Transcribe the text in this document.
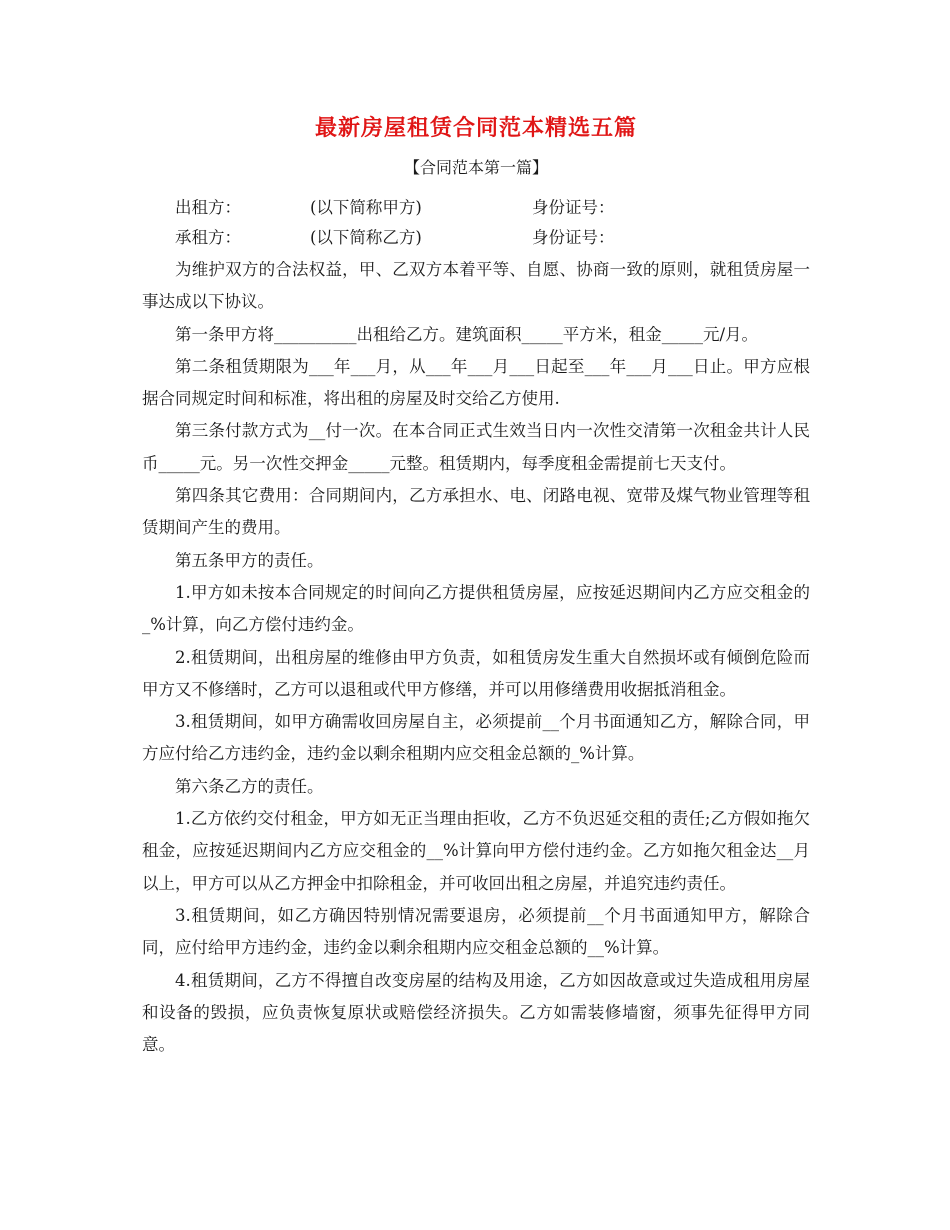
最新房屋租赁合同范本精选五篇
【合同范本第一篇】
出租方：	(以下简称甲方)	身份证号：
承租方：	(以下简称乙方)	身份证号：

为维护双方的合法权益，甲、乙双方本着平等、自愿、协商一致的原则，就租赁房屋一事达成以下协议。

第一条甲方将__________出租给乙方。建筑面积_____平方米，租金_____元/月。

第二条租赁期限为___年___月，从___年___月___日起至___年___月___日止。甲方应根据合同规定时间和标准，将出租的房屋及时交给乙方使用.

第三条付款方式为__付一次。在本合同正式生效当日内一次性交清第一次租金共计人民币_____元。另一次性交押金_____元整。租赁期内，每季度租金需提前七天支付。

第四条其它费用：合同期间内，乙方承担水、电、闭路电视、宽带及煤气物业管理等租赁期间产生的费用。

第五条甲方的责任。

1.甲方如未按本合同规定的时间向乙方提供租赁房屋，应按延迟期间内乙方应交租金的_%计算，向乙方偿付违约金。

2.租赁期间，出租房屋的维修由甲方负责，如租赁房发生重大自然损坏或有倾倒危险而甲方又不修缮时，乙方可以退租或代甲方修缮，并可以用修缮费用收据抵消租金。

3.租赁期间，如甲方确需收回房屋自主，必须提前__个月书面通知乙方，解除合同，甲方应付给乙方违约金，违约金以剩余租期内应交租金总额的_%计算。

第六条乙方的责任。

1.乙方依约交付租金，甲方如无正当理由拒收，乙方不负迟延交租的责任;乙方假如拖欠租金，应按延迟期间内乙方应交租金的__%计算向甲方偿付违约金。乙方如拖欠租金达__月以上，甲方可以从乙方押金中扣除租金，并可收回出租之房屋，并追究违约责任。

3.租赁期间，如乙方确因特别情况需要退房，必须提前__个月书面通知甲方，解除合同，应付给甲方违约金，违约金以剩余租期内应交租金总额的__%计算。

4.租赁期间，乙方不得擅自改变房屋的结构及用途，乙方如因故意或过失造成租用房屋和设备的毁损，应负责恢复原状或赔偿经济损失。乙方如需装修墙窗，须事先征得甲方同意。
